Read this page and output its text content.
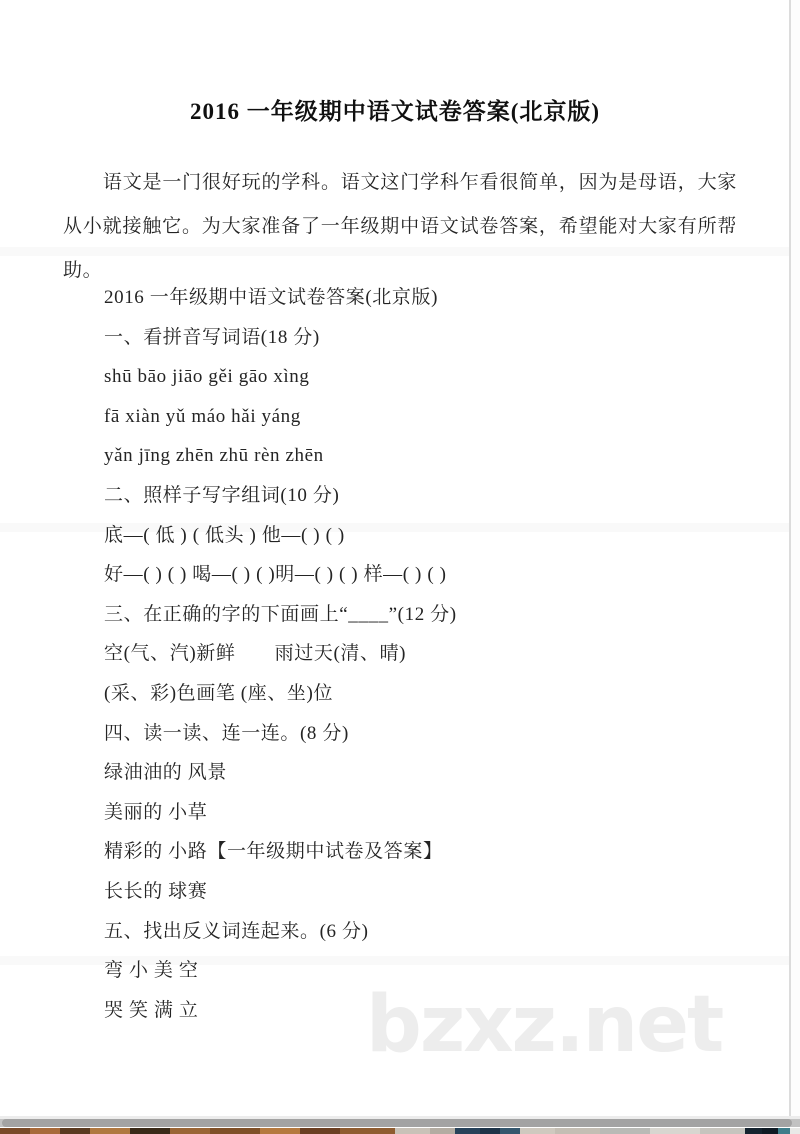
bzxz.net
2016 一年级期中语文试卷答案(北京版)
语文是一门很好玩的学科。语文这门学科乍看很简单，因为是母语，大家从小就接触它。为大家准备了一年级期中语文试卷答案，希望能对大家有所帮助。
2016 一年级期中语文试卷答案(北京版)
一、看拼音写词语(18 分)
shū bāo jiāo gěi gāo xìng
fā xiàn yǔ máo hǎi yáng
yǎn jīng zhēn zhū rèn zhēn
二、照样子写字组词(10 分)
底—( 低 ) ( 低头 ) 他—( ) ( )
好—( ) ( ) 喝—( ) ( )明—( ) ( ) 样—( ) ( )
三、在正确的字的下面画上“____”(12 分)
空(气、汽)新鲜　　雨过天(清、晴)
(采、彩)色画笔 (座、坐)位
四、读一读、连一连。(8 分)
绿油油的 风景
美丽的 小草
精彩的 小路【一年级期中试卷及答案】
长长的 球赛
五、找出反义词连起来。(6 分)
弯 小 美 空
哭 笑 满 立
